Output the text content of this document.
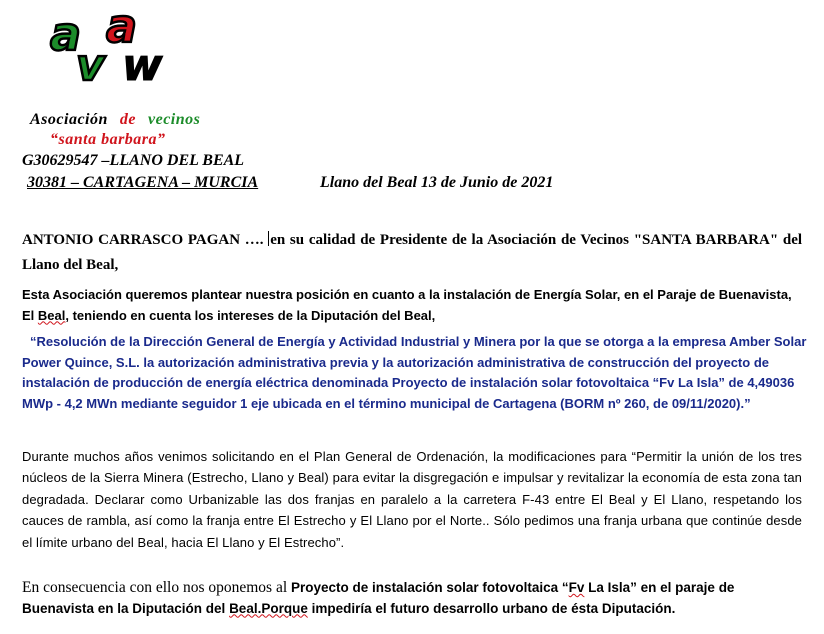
a a
v w
Asociación de vecinos
“santa barbara”
G30629547 –LLANO DEL BEAL
30381 – CARTAGENA – MURCIA	Llano del Beal 13 de Junio de 2021

ANTONIO CARRASCO PAGAN …. en su calidad de Presidente de la Asociación de Vecinos "SANTA BARBARA" del Llano del Beal,

Esta Asociación queremos plantear nuestra posición en cuanto a la instalación de Energía Solar, en el Paraje de Buenavista, El Beal, teniendo en cuenta los intereses de la Diputación del Beal,

“Resolución de la Dirección General de Energía y Actividad Industrial y Minera por la que se otorga a la empresa Amber Solar Power Quince, S.L. la autorización administrativa previa y la autorización administrativa de construcción del proyecto de instalación de producción de energía eléctrica denominada Proyecto de instalación solar fotovoltaica “Fv La Isla” de 4,49036 MWp - 4,2 MWn mediante seguidor 1 eje ubicada en el término municipal de Cartagena (BORM nº 260, de 09/11/2020).”

Durante muchos años venimos solicitando en el Plan General de Ordenación, la modificaciones para “Permitir la unión de los tres núcleos de la Sierra Minera (Estrecho, Llano y Beal) para evitar la disgregación e impulsar y revitalizar la economía de esta zona tan degradada. Declarar como Urbanizable las dos franjas en paralelo a la carretera F-43 entre El Beal y El Llano, respetando los cauces de rambla, así como la franja entre El Estrecho y El Llano por el Norte.. Sólo pedimos una franja urbana que continúe desde el límite urbano del Beal, hacia El Llano y El Estrecho”.

En consecuencia con ello nos oponemos al Proyecto de instalación solar fotovoltaica “Fv La Isla” en el paraje de Buenavista en la Diputación del Beal.Porque impediría el futuro desarrollo urbano de ésta Diputación.
